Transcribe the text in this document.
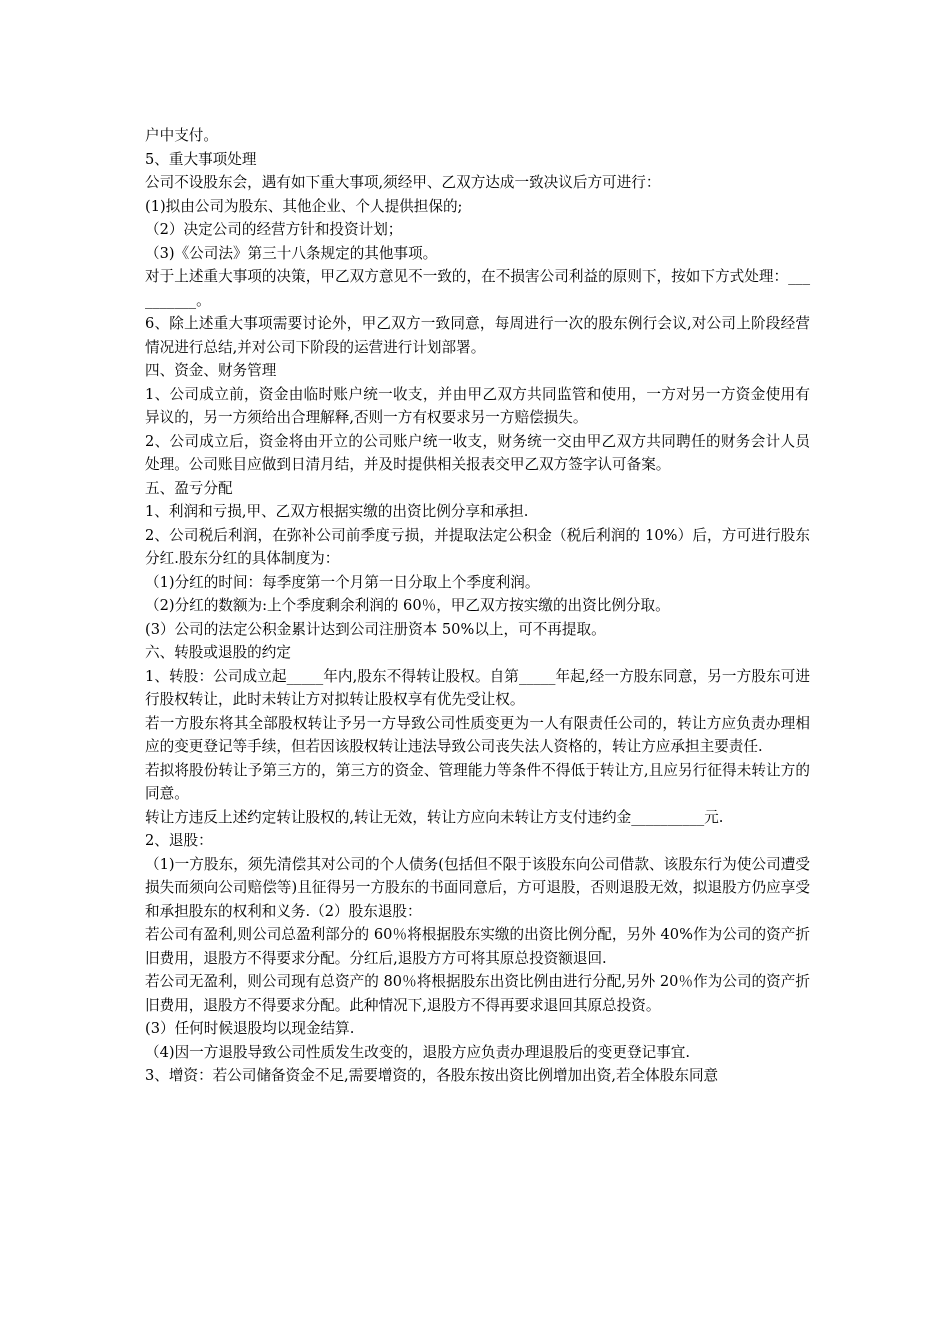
户中支付。

5、重大事项处理

公司不设股东会，遇有如下重大事项,须经甲、乙双方达成一致决议后方可进行：

(1)拟由公司为股东、其他企业、个人提供担保的;

（2）决定公司的经营方针和投资计划；

（3)《公司法》第三十八条规定的其他事项。

对于上述重大事项的决策，甲乙双方意见不一致的，在不损害公司利益的原则下，按如下方式处理：__________。

6、除上述重大事项需要讨论外，甲乙双方一致同意，每周进行一次的股东例行会议,对公司上阶段经营情况进行总结,并对公司下阶段的运营进行计划部署。

四、资金、财务管理

1、公司成立前，资金由临时账户统一收支，并由甲乙双方共同监管和使用，一方对另一方资金使用有异议的，另一方须给出合理解释,否则一方有权要求另一方赔偿损失。

2、公司成立后，资金将由开立的公司账户统一收支，财务统一交由甲乙双方共同聘任的财务会计人员处理。公司账目应做到日清月结，并及时提供相关报表交甲乙双方签字认可备案。

五、盈亏分配

1、利润和亏损,甲、乙双方根据实缴的出资比例分享和承担.

2、公司税后利润，在弥补公司前季度亏损，并提取法定公积金（税后利润的 10%）后，方可进行股东分红.股东分红的具体制度为：

（1)分红的时间：每季度第一个月第一日分取上个季度利润。

（2)分红的数额为:上个季度剩余利润的 60％，甲乙双方按实缴的出资比例分取。

(3）公司的法定公积金累计达到公司注册资本 50%以上，可不再提取。

六、转股或退股的约定

1、转股：公司成立起_____年内,股东不得转让股权。自第_____年起,经一方股东同意，另一方股东可进行股权转让，此时未转让方对拟转让股权享有优先受让权。

若一方股东将其全部股权转让予另一方导致公司性质变更为一人有限责任公司的，转让方应负责办理相应的变更登记等手续，但若因该股权转让违法导致公司丧失法人资格的，转让方应承担主要责任.

若拟将股份转让予第三方的，第三方的资金、管理能力等条件不得低于转让方,且应另行征得未转让方的同意。

转让方违反上述约定转让股权的,转让无效，转让方应向未转让方支付违约金__________元.

2、退股：

（1)一方股东，须先清偿其对公司的个人债务(包括但不限于该股东向公司借款、该股东行为使公司遭受损失而须向公司赔偿等)且征得另一方股东的书面同意后，方可退股，否则退股无效，拟退股方仍应享受和承担股东的权利和义务.（2）股东退股：

若公司有盈利,则公司总盈利部分的 60％将根据股东实缴的出资比例分配，另外 40%作为公司的资产折旧费用，退股方不得要求分配。分红后,退股方方可将其原总投资额退回.

若公司无盈利，则公司现有总资产的 80％将根据股东出资比例由进行分配,另外 20％作为公司的资产折旧费用，退股方不得要求分配。此种情况下,退股方不得再要求退回其原总投资。

(3）任何时候退股均以现金结算.

（4)因一方退股导致公司性质发生改变的，退股方应负责办理退股后的变更登记事宜.

3、增资：若公司储备资金不足,需要增资的，各股东按出资比例增加出资,若全体股东同意
